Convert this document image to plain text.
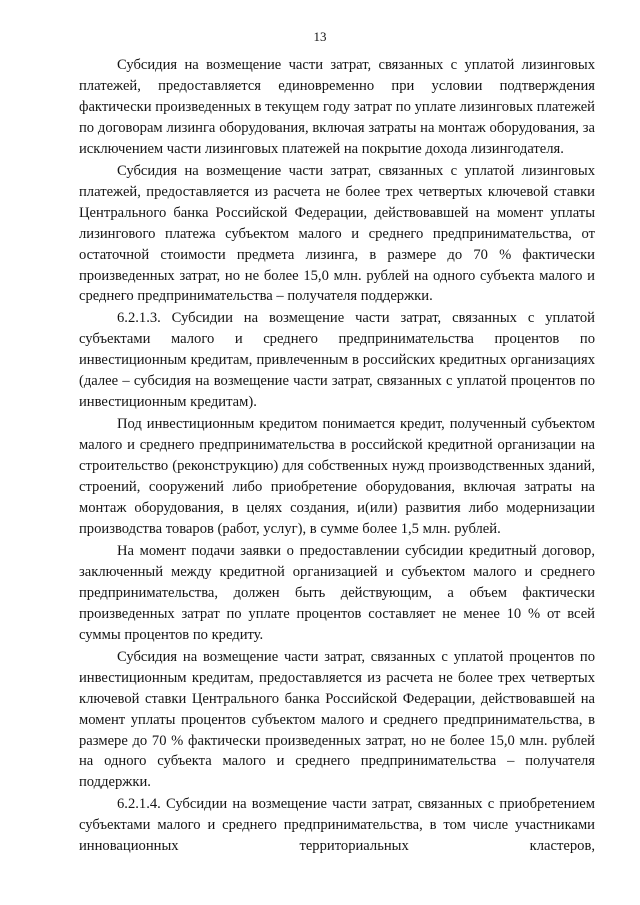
13

Субсидия на возмещение части затрат, связанных с уплатой лизинговых платежей, предоставляется единовременно при условии подтверждения фактически произведенных в текущем году затрат по уплате лизинговых платежей по договорам лизинга оборудования, включая затраты на монтаж оборудования, за исключением части лизинговых платежей на покрытие дохода лизингодателя.

Субсидия на возмещение части затрат, связанных с уплатой лизинговых платежей, предоставляется из расчета не более трех четвертых ключевой ставки Центрального банка Российской Федерации, действовавшей на момент уплаты лизингового платежа субъектом малого и среднего предпринимательства, от остаточной стоимости предмета лизинга, в размере до 70 % фактически произведенных затрат, но не более 15,0 млн. рублей на одного субъекта малого и среднего предпринимательства – получателя поддержки.

6.2.1.3. Субсидии на возмещение части затрат, связанных с уплатой субъектами малого и среднего предпринимательства процентов по инвестиционным кредитам, привлеченным в российских кредитных организациях (далее – субсидия на возмещение части затрат, связанных с уплатой процентов по инвестиционным кредитам).

Под инвестиционным кредитом понимается кредит, полученный субъектом малого и среднего предпринимательства в российской кредитной организации на строительство (реконструкцию) для собственных нужд производственных зданий, строений, сооружений либо приобретение оборудования, включая затраты на монтаж оборудования, в целях создания, и(или) развития либо модернизации производства товаров (работ, услуг), в сумме более 1,5 млн. рублей.

На момент подачи заявки о предоставлении субсидии кредитный договор, заключенный между кредитной организацией и субъектом малого и среднего предпринимательства, должен быть действующим, а объем фактически произведенных затрат по уплате процентов составляет не менее 10 % от всей суммы процентов по кредиту.

Субсидия на возмещение части затрат, связанных с уплатой процентов по инвестиционным кредитам, предоставляется из расчета не более трех четвертых ключевой ставки Центрального банка Российской Федерации, действовавшей на момент уплаты процентов субъектом малого и среднего предпринимательства, в размере до 70 % фактически произведенных затрат, но не более 15,0 млн. рублей на одного субъекта малого и среднего предпринимательства – получателя поддержки.

6.2.1.4. Субсидии на возмещение части затрат, связанных с приобретением субъектами малого и среднего предпринимательства, в том числе участниками инновационных территориальных кластеров,
